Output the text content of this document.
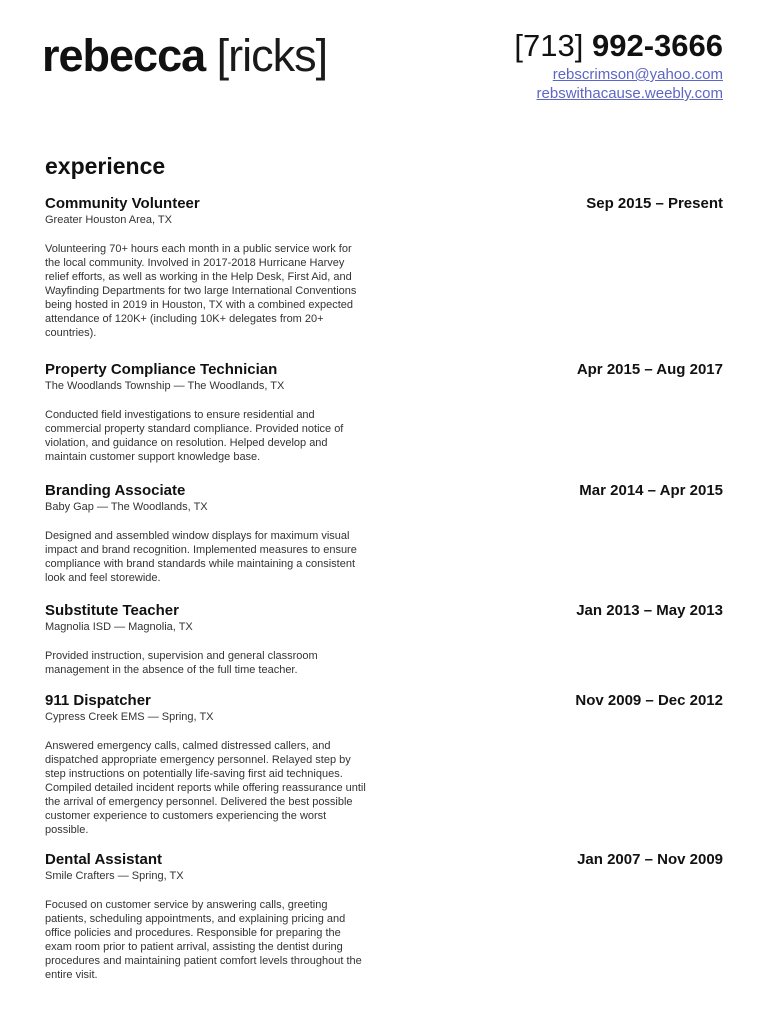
rebecca [ricks]	[713] 992-3666
rebscrimson@yahoo.com
rebswithacause.weebly.com
experience
Community Volunteer	Sep 2015 – Present
Greater Houston Area, TX
Volunteering 70+ hours each month in a public service work for the local community. Involved in 2017-2018 Hurricane Harvey relief efforts, as well as working in the Help Desk, First Aid, and Wayfinding Departments for two large International Conventions being hosted in 2019 in Houston, TX with a combined expected attendance of 120K+ (including 10K+ delegates from 20+ countries).
Property Compliance Technician	Apr 2015 – Aug 2017
The Woodlands Township — The Woodlands, TX
Conducted field investigations to ensure residential and commercial property standard compliance. Provided notice of violation, and guidance on resolution. Helped develop and maintain customer support knowledge base.
Branding Associate	Mar 2014 – Apr 2015
Baby Gap — The Woodlands, TX
Designed and assembled window displays for maximum visual impact and brand recognition. Implemented measures to ensure compliance with brand standards while maintaining a consistent look and feel storewide.
Substitute Teacher	Jan 2013 – May 2013
Magnolia ISD — Magnolia, TX
Provided instruction, supervision and general classroom management in the absence of the full time teacher.
911 Dispatcher	Nov 2009 – Dec 2012
Cypress Creek EMS — Spring, TX
Answered emergency calls, calmed distressed callers, and dispatched appropriate emergency personnel. Relayed step by step instructions on potentially life-saving first aid techniques. Compiled detailed incident reports while offering reassurance until the arrival of emergency personnel. Delivered the best possible customer experience to customers experiencing the worst possible.
Dental Assistant	Jan 2007 – Nov 2009
Smile Crafters — Spring, TX
Focused on customer service by answering calls, greeting patients, scheduling appointments, and explaining pricing and office policies and procedures. Responsible for preparing the exam room prior to patient arrival, assisting the dentist during procedures and maintaining patient comfort levels throughout the entire visit.
